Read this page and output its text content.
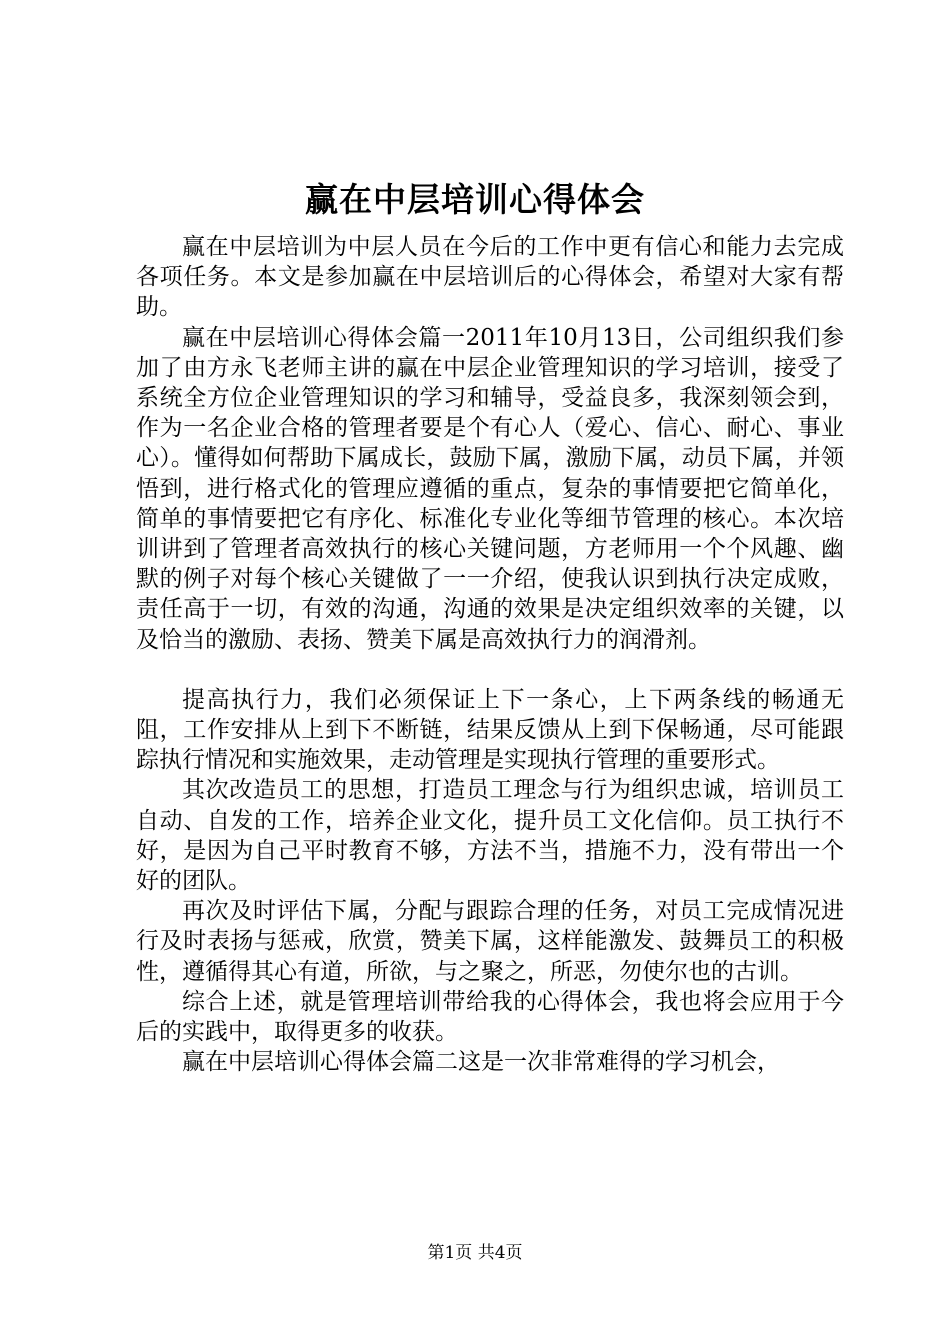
赢在中层培训心得体会

赢在中层培训为中层人员在今后的工作中更有信心和能力去完成各项任务。本文是参加赢在中层培训后的心得体会，希望对大家有帮助。

赢在中层培训心得体会篇一2011年10月13日，公司组织我们参加了由方永飞老师主讲的赢在中层企业管理知识的学习培训，接受了系统全方位企业管理知识的学习和辅导，受益良多，我深刻领会到，作为一名企业合格的管理者要是个有心人（爱心、信心、耐心、事业心）。懂得如何帮助下属成长，鼓励下属，激励下属，动员下属，并领悟到，进行格式化的管理应遵循的重点，复杂的事情要把它简单化，简单的事情要把它有序化、标准化专业化等细节管理的核心。本次培训讲到了管理者高效执行的核心关键问题，方老师用一个个风趣、幽默的例子对每个核心关键做了一一介绍，使我认识到执行决定成败，责任高于一切，有效的沟通，沟通的效果是决定组织效率的关键，以及恰当的激励、表扬、赞美下属是高效执行力的润滑剂。

提高执行力，我们必须保证上下一条心，上下两条线的畅通无阻，工作安排从上到下不断链，结果反馈从上到下保畅通，尽可能跟踪执行情况和实施效果，走动管理是实现执行管理的重要形式。

其次改造员工的思想，打造员工理念与行为组织忠诚，培训员工自动、自发的工作，培养企业文化，提升员工文化信仰。员工执行不好，是因为自己平时教育不够，方法不当，措施不力，没有带出一个好的团队。

再次及时评估下属，分配与跟踪合理的任务，对员工完成情况进行及时表扬与惩戒，欣赏，赞美下属，这样能激发、鼓舞员工的积极性，遵循得其心有道，所欲，与之聚之，所恶，勿使尔也的古训。

综合上述，就是管理培训带给我的心得体会，我也将会应用于今后的实践中，取得更多的收获。

赢在中层培训心得体会篇二这是一次非常难得的学习机会，

第1页 共4页
